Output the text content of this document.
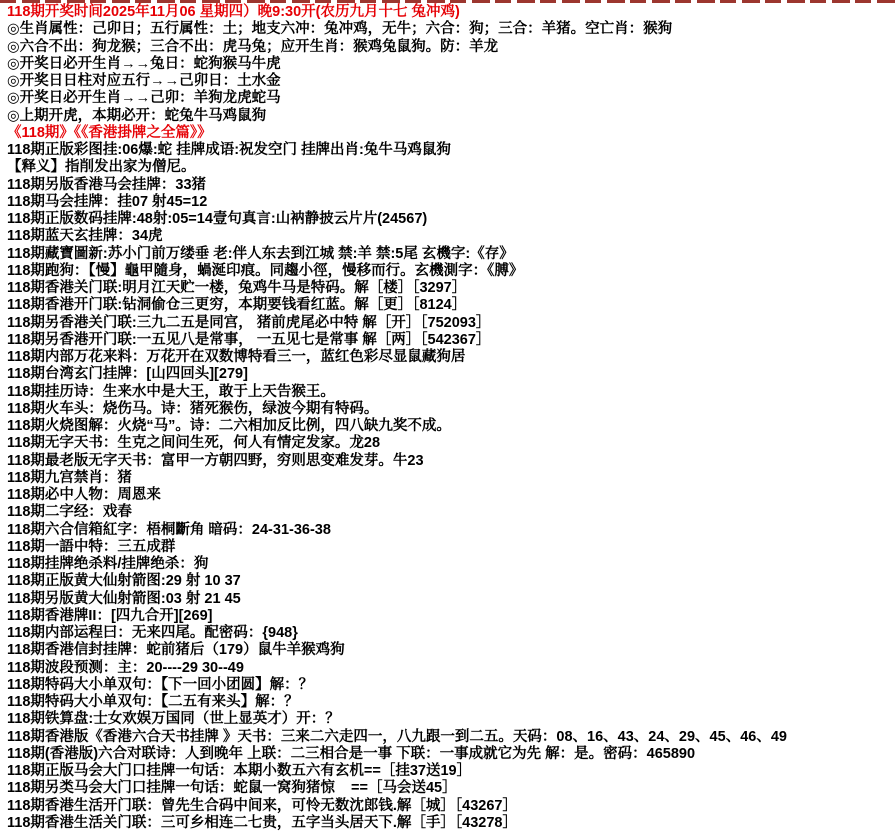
118期开奖时间2025年11月06 星期四）晚9:30开(农历九月十七 兔冲鸡)
◎生肖属性：己卯日；五行属性：土；地支六冲：兔冲鸡，无牛；六合：狗；三合：羊猪。空亡肖：猴狗
◎六合不出：狗龙猴；三合不出：虎马兔；应开生肖：猴鸡兔鼠狗。防：羊龙
◎开奖日必开生肖→→兔日：蛇狗猴马牛虎
◎开奖日日柱对应五行→→己卯日：土水金
◎开奖日必开生肖→→己卯：羊狗龙虎蛇马
◎上期开虎，本期必开：蛇兔牛马鸡鼠狗
《118期》《《香港掛牌之全篇》》
118期正版彩图挂:06爆:蛇 挂牌成语:祝发空门 挂牌出肖:兔牛马鸡鼠狗
【释义】指削发出家为僧尼。
118期另版香港马会挂牌：33猪
118期马会挂牌：挂07 射45=12
118期正版数码挂牌:48射:05=14壹句真言:山衲静披云片片(24567)
118期蓝天玄挂牌：34虎
118期藏寶圖新:苏小门前万缕垂 老:伴人东去到江城 禁:羊 禁:5尾 玄機字:《存》
118期跑狗：【慢】龜甲隨身，蝸涎印痕。同趨小徑，慢移而行。玄機測字：《膊》
118期香港关门联:明月江天贮一楼，兔鸡牛马是特码。解［楼］［3297］
118期香港开门联:钻洞偷仓三更穷，本期要钱看红蓝。解［更］［8124］
118期另香港关门联:三九二五是同宫， 猪前虎尾必中特 解［开］［752093］
118期另香港开门联:一五见八是常事， 一五见七是常事 解［两］［542367］
118期内部万花来料：万花开在双数博特看三一，蓝红色彩尽显鼠藏狗居
118期台湾玄门挂牌：[山四回头][279]
118期挂历诗：生来水中是大王，敢于上天告猴王。
118期火车头：烧伤马。诗：猪死猴伤，绿波今期有特码。
118期火烧图解：火烧“马”。诗：二六相加反比例，四八缺九奖不成。
118期无字天书：生克之间问生死，何人有情定发家。龙28
118期最老版无字天书：富甲一方朝四野，穷则思变难发芽。牛23
118期九宫禁肖：猪
118期必中人物：周恩来
118期二字经：戏春
118期六合信箱紅字：梧桐斷角 暗码：24-31-36-38
118期一語中特：三五成群
118期挂牌绝杀料/挂牌绝杀：狗
118期正版黄大仙射箭图:29 射 10 37
118期另版黄大仙射箭图:03 射 21 45
118期香港牌II：[四九合开][269]
118期内部运程曰：无来四尾。配密码：{948}
118期香港信封挂牌：蛇前猪后（179）鼠牛羊猴鸡狗
118期波段预测：主：20----29 30--49
118期特码大小单双句：【下一回小团圆】解：？
118期特码大小单双句：【二五有来头】解：？
118期铁算盘:士女欢娱万国同（世上显英才）开：？
118期香港版《香港六合天书挂牌 》天书：三来二六走四一，八九跟一到二五。天码：08、16、43、24、29、45、46、49
118期(香港版)六合对联诗：人到晚年 上联：二三相合是一事 下联：一事成就它为先 解：是。密码：465890
118期正版马会大门口挂牌一句话：本期小数五六有玄机==［挂37送19］
118期另类马会大门口挂牌一句话：蛇鼠一窝狗猪惊    ==［马会送45］
118期香港生活开门联：曾先生合码中间来，可怜无数沈郎钱.解［城］［43267］
118期香港生活关门联：三可乡相连二七贵，五字当头居天下.解［手］［43278］
